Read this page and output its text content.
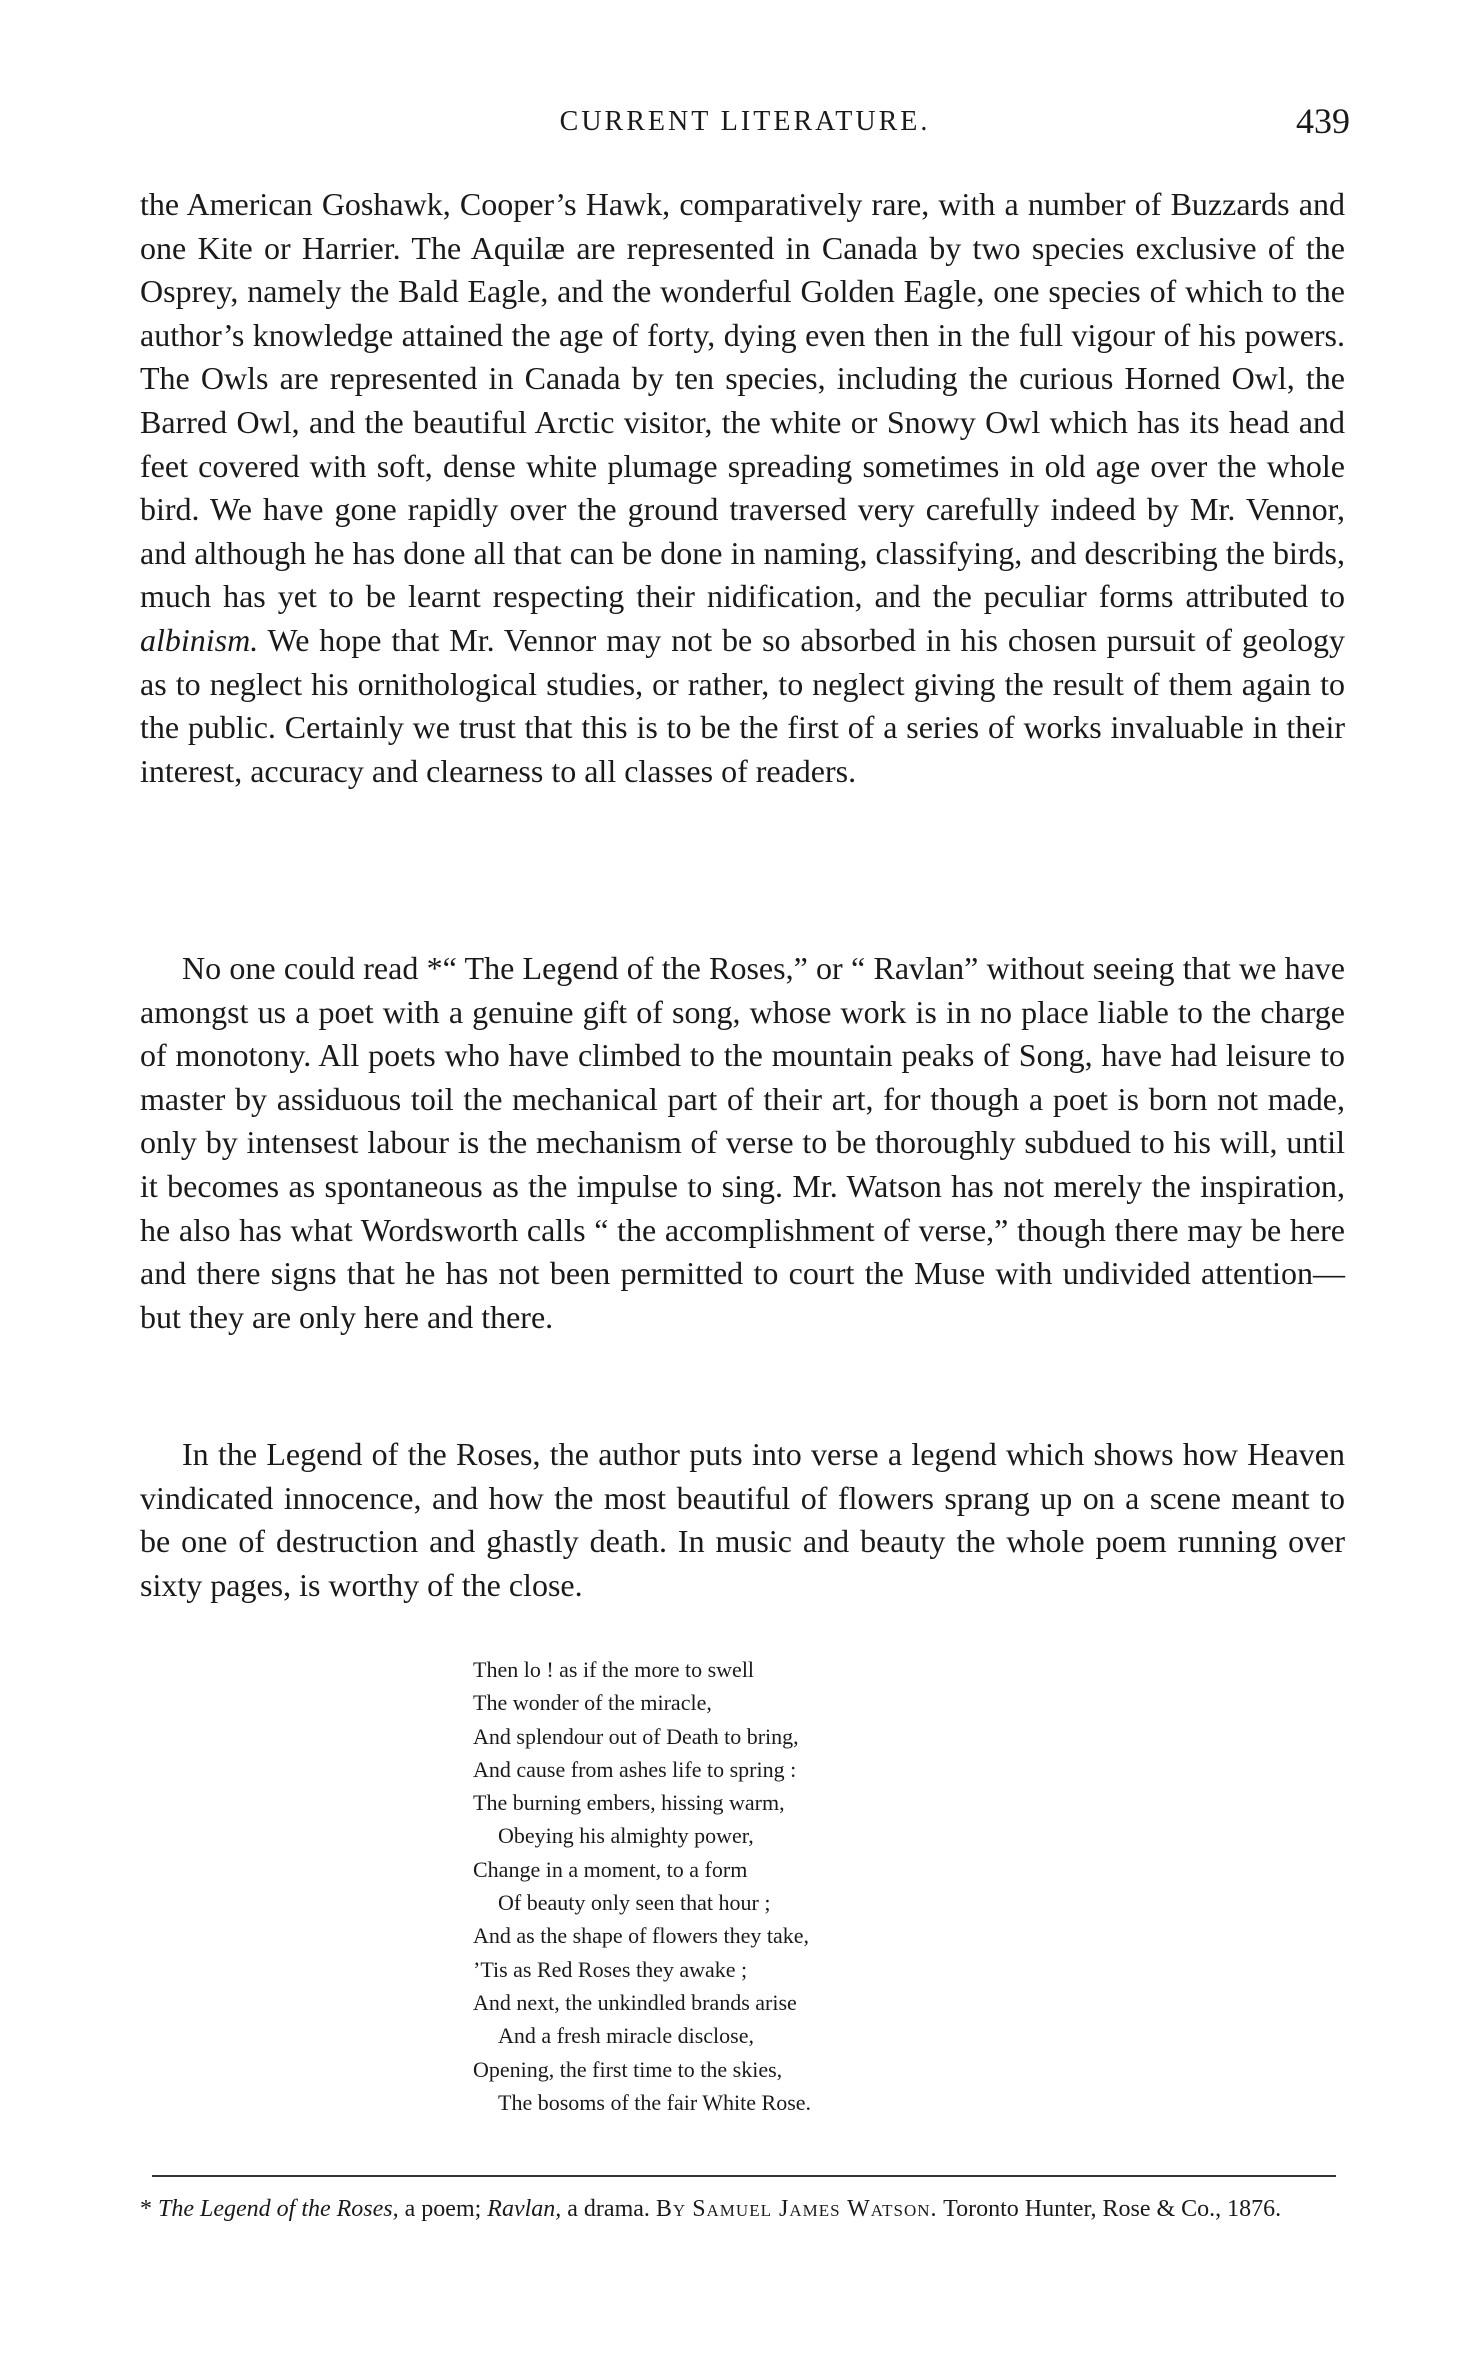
CURRENT LITERATURE.	439

the American Goshawk, Cooper’s Hawk, comparatively rare, with a number of Buzzards and one Kite or Harrier. The Aquilæ are represented in Canada by two species exclusive of the Osprey, namely the Bald Eagle, and the wonderful Golden Eagle, one species of which to the author’s knowledge attained the age of forty, dying even then in the full vigour of his powers. The Owls are represented in Canada by ten species, including the curious Horned Owl, the Barred Owl, and the beautiful Arctic visitor, the white or Snowy Owl which has its head and feet covered with soft, dense white plumage spreading sometimes in old age over the whole bird. We have gone rapidly over the ground traversed very carefully indeed by Mr. Vennor, and although he has done all that can be done in naming, classifying, and describing the birds, much has yet to be learnt respecting their nidification, and the peculiar forms attributed to albinism. We hope that Mr. Vennor may not be so absorbed in his chosen pursuit of geology as to neglect his ornithological studies, or rather, to neglect giving the result of them again to the public. Certainly we trust that this is to be the first of a series of works invaluable in their interest, accuracy and clearness to all classes of readers.

No one could read *“ The Legend of the Roses,” or “ Ravlan” without seeing that we have amongst us a poet with a genuine gift of song, whose work is in no place liable to the charge of monotony. All poets who have climbed to the mountain peaks of Song, have had leisure to master by assiduous toil the mechanical part of their art, for though a poet is born not made, only by intensest labour is the mechanism of verse to be thoroughly subdued to his will, until it becomes as spontaneous as the impulse to sing. Mr. Watson has not merely the inspiration, he also has what Wordsworth calls “ the accomplishment of verse,” though there may be here and there signs that he has not been permitted to court the Muse with undivided attention—but they are only here and there.

In the Legend of the Roses, the author puts into verse a legend which shows how Heaven vindicated innocence, and how the most beautiful of flowers sprang up on a scene meant to be one of destruction and ghastly death. In music and beauty the whole poem running over sixty pages, is worthy of the close.

Then lo ! as if the more to swell
The wonder of the miracle,
And splendour out of Death to bring,
And cause from ashes life to spring :
The burning embers, hissing warm,
Obeying his almighty power,
Change in a moment, to a form
Of beauty only seen that hour ;
And as the shape of flowers they take,
’Tis as Red Roses they awake ;
And next, the unkindled brands arise
And a fresh miracle disclose,
Opening, the first time to the skies,
The bosoms of the fair White Rose.
* The Legend of the Roses, a poem; Ravlan, a drama. By Samuel James Watson. Toronto Hunter, Rose & Co., 1876.
